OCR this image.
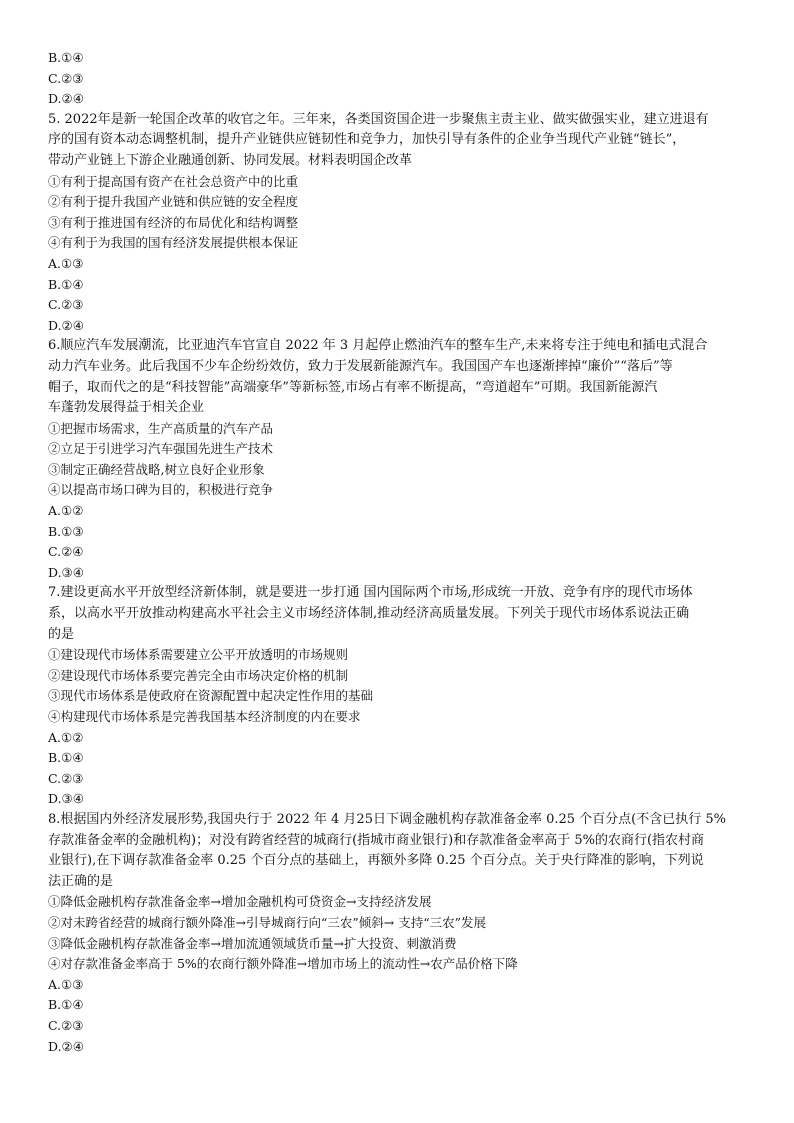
B.①④
C.②③
D.②④
5. 2022年是新一轮国企改革的收官之年。三年来，各类国资国企进一步聚焦主责主业、做实做强实业，建立进退有
序的国有资本动态调整机制，提升产业链供应链韧性和竞争力，加快引导有条件的企业争当现代产业链“链长”，
带动产业链上下游企业融通创新、协同发展。材料表明国企改革
①有利于提高国有资产在社会总资产中的比重
②有利于提升我国产业链和供应链的安全程度
③有利于推进国有经济的布局优化和结构调整
④有利于为我国的国有经济发展提供根本保证
A.①③
B.①④
C.②③
D.②④
6.顺应汽车发展潮流，比亚迪汽车官宣自 2022 年 3 月起停止燃油汽车的整车生产,未来将专注于纯电和插电式混合
动力汽车业务。此后我国不少车企纷纷效仿，致力于发展新能源汽车。我国国产车也逐渐摔掉“廉价”“落后”等
帽子，取而代之的是“科技智能”高端豪华”等新标签,市场占有率不断提高，“弯道超车”可期。我国新能源汽
车蓬勃发展得益于相关企业
①把握市场需求，生产高质量的汽车产品
②立足于引进学习汽车强国先进生产技术
③制定正确经营战略,树立良好企业形象
④以提高市场口碑为目的，积极进行竞争
A.①②
B.①③
C.②④
D.③④
7.建设更高水平开放型经济新体制，就是要进一步打通 国内国际两个市场,形成统一开放、竞争有序的现代市场体
系，以高水平开放推动构建高水平社会主义市场经济体制,推动经济高质量发展。下列关于现代市场体系说法正确
的是
①建设现代市场体系需要建立公平开放透明的市场规则
②建设现代市场体系要完善完全由市场决定价格的机制
③现代市场体系是使政府在资源配置中起决定性作用的基础
④构建现代市场体系是完善我国基本经济制度的内在要求
A.①②
B.①④
C.②③
D.③④
8.根据国内外经济发展形势,我国央行于 2022 年 4 月25日下调金融机构存款准备金率 0.25 个百分点(不含已执行 5%
存款准备金率的金融机构)；对没有跨省经营的城商行(指城市商业银行)和存款准备金率高于 5%的农商行(指农村商
业银行),在下调存款准备金率 0.25 个百分点的基础上，再额外多降 0.25 个百分点。关于央行降准的影响，下列说
法正确的是
①降低金融机构存款准备金率→增加金融机构可贷资金→支持经济发展
②对未跨省经营的城商行额外降准→引导城商行向“三农”倾斜→ 支持“三农”发展
③降低金融机构存款准备金率→增加流通领域货币量→扩大投资、刺激消费
④对存款准备金率高于 5%的农商行额外降准→增加市场上的流动性→农产品价格下降
A.①③
B.①④
C.②③
D.②④
